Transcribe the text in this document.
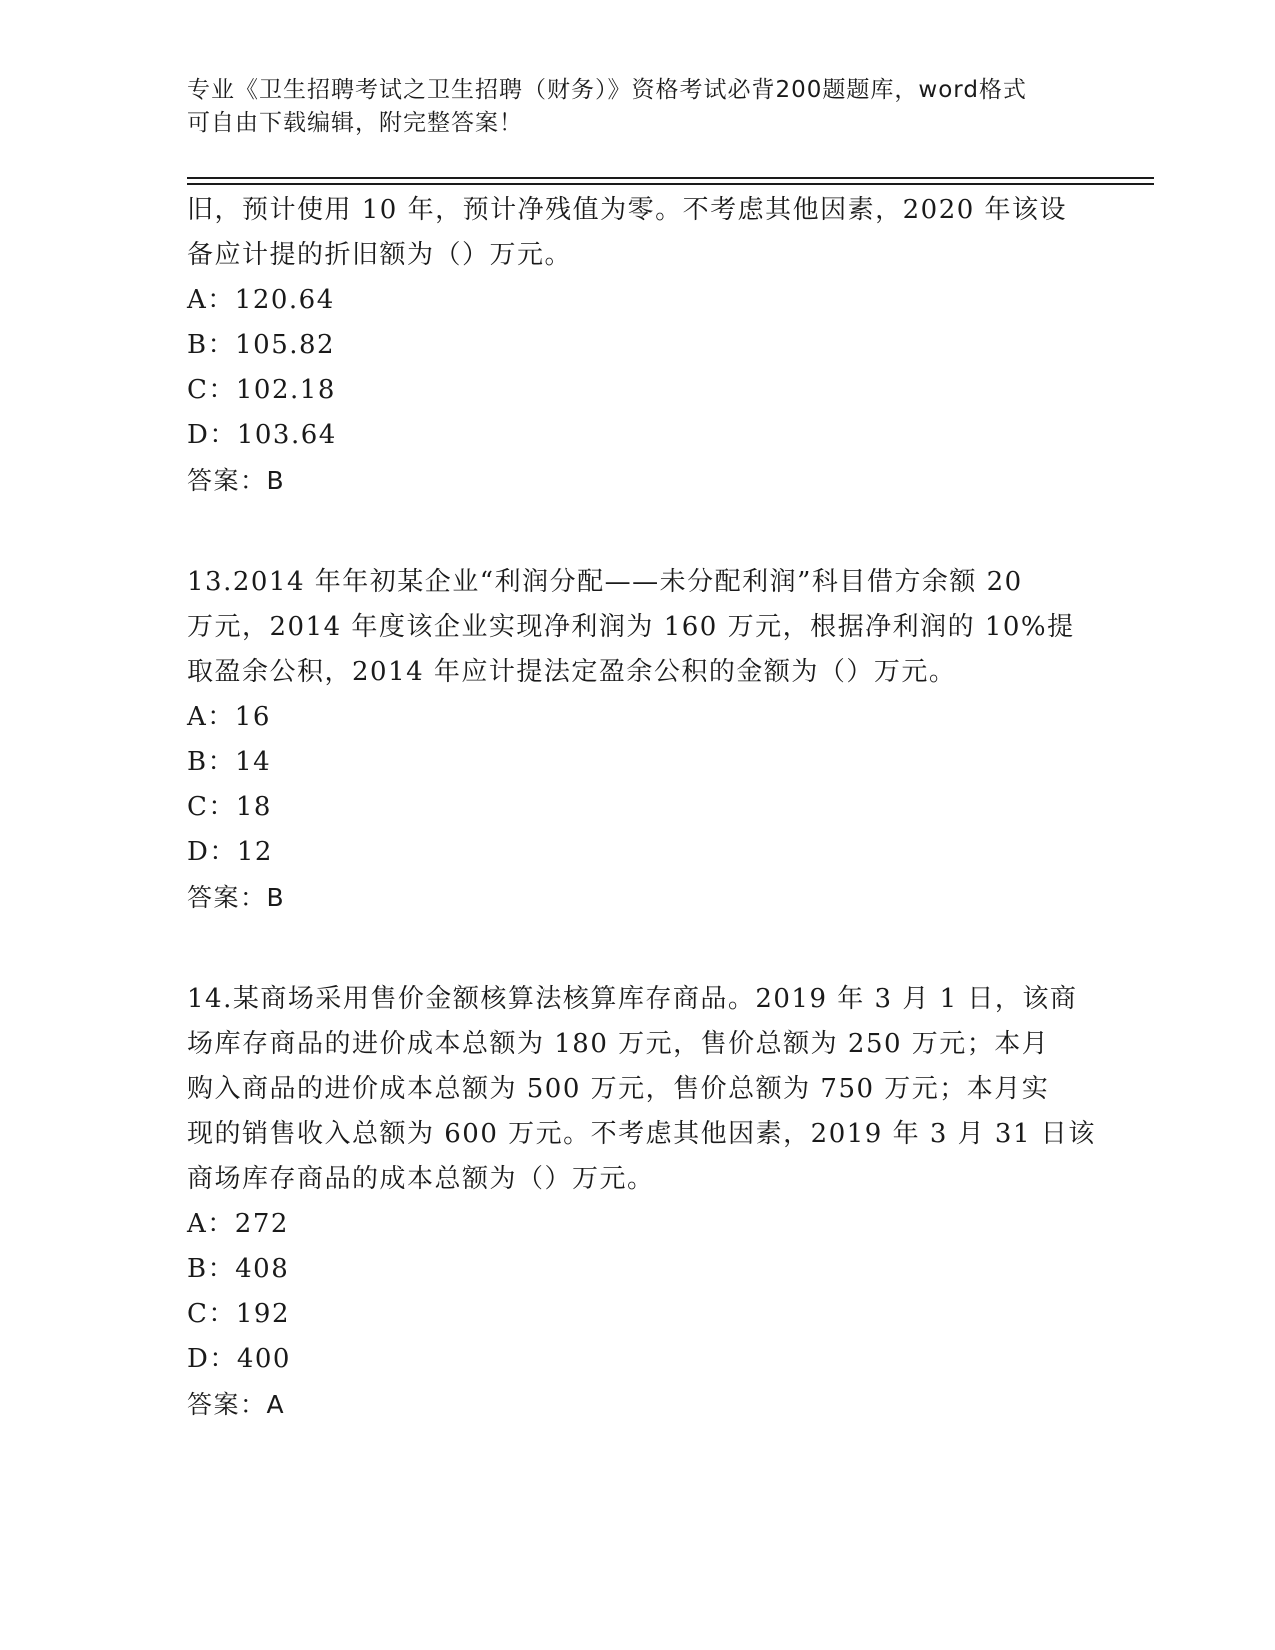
专业《卫生招聘考试之卫生招聘（财务）》资格考试必背200题题库，word格式

可自由下载编辑，附完整答案！

旧，预计使用 10 年，预计净残值为零。不考虑其他因素，2020 年该设

备应计提的折旧额为（）万元。

A：120.64

B：105.82

C：102.18

D：103.64

答案：B

13.2014 年年初某企业“利润分配——未分配利润”科目借方余额 20

万元，2014 年度该企业实现净利润为 160 万元，根据净利润的 10%提

取盈余公积，2014 年应计提法定盈余公积的金额为（）万元。

A：16

B：14

C：18

D：12

答案：B

14.某商场采用售价金额核算法核算库存商品。2019 年 3 月 1 日，该商

场库存商品的进价成本总额为 180 万元，售价总额为 250 万元；本月

购入商品的进价成本总额为 500 万元，售价总额为 750 万元；本月实

现的销售收入总额为 600 万元。不考虑其他因素，2019 年 3 月 31 日该

商场库存商品的成本总额为（）万元。

A：272

B：408

C：192

D：400

答案：A
